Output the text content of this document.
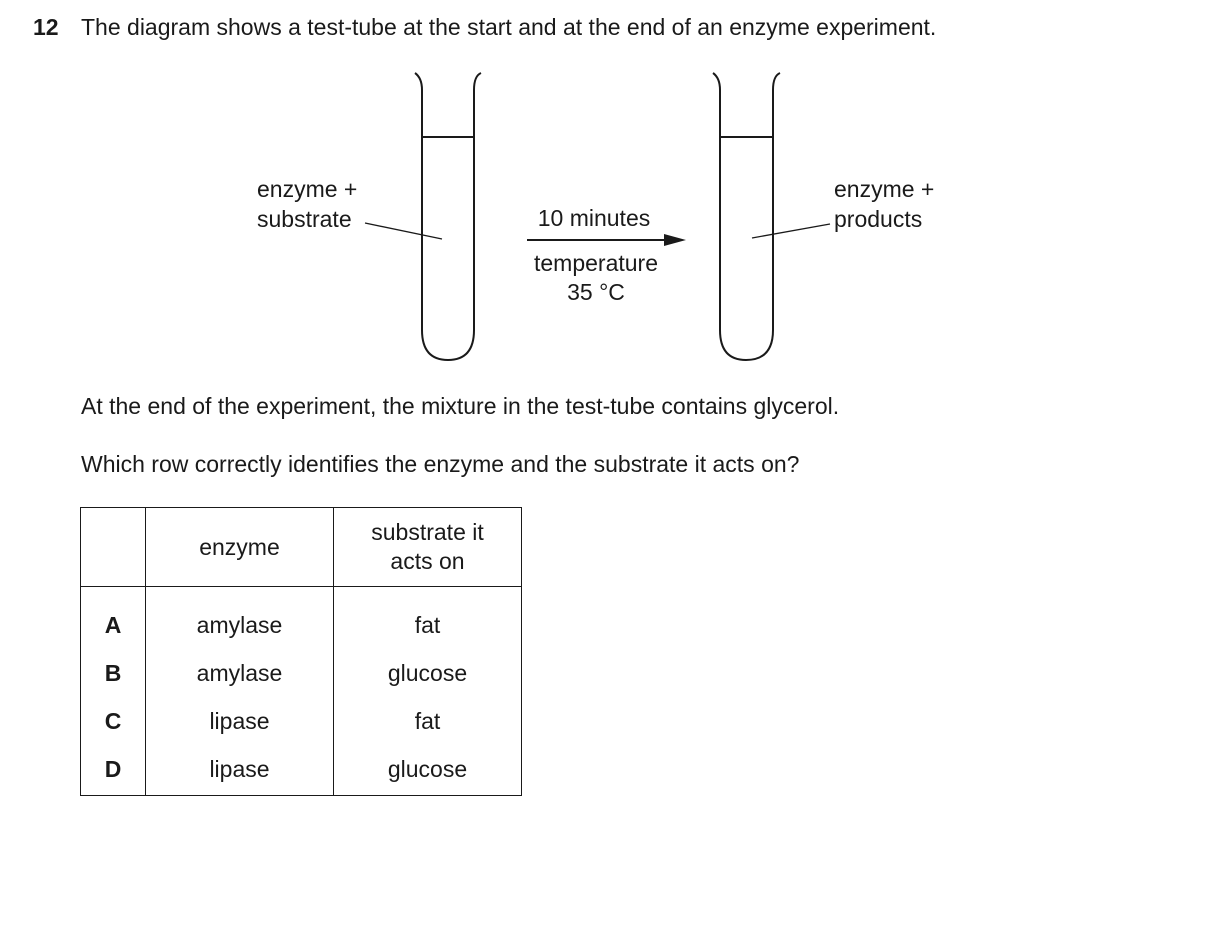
12 The diagram shows a test-tube at the start and at the end of an enzyme experiment.
enzyme +
substrate	10 minutes
temperature
35 °C
enzyme +
products

At the end of the experiment, the mixture in the test-tube contains glycerol.

Which row correctly identifies the enzyme and the substrate it acts on?

	enzyme	substrate it
acts on

A	amylase	fat
B	amylase	glucose
C	lipase	fat
D	lipase	glucose
